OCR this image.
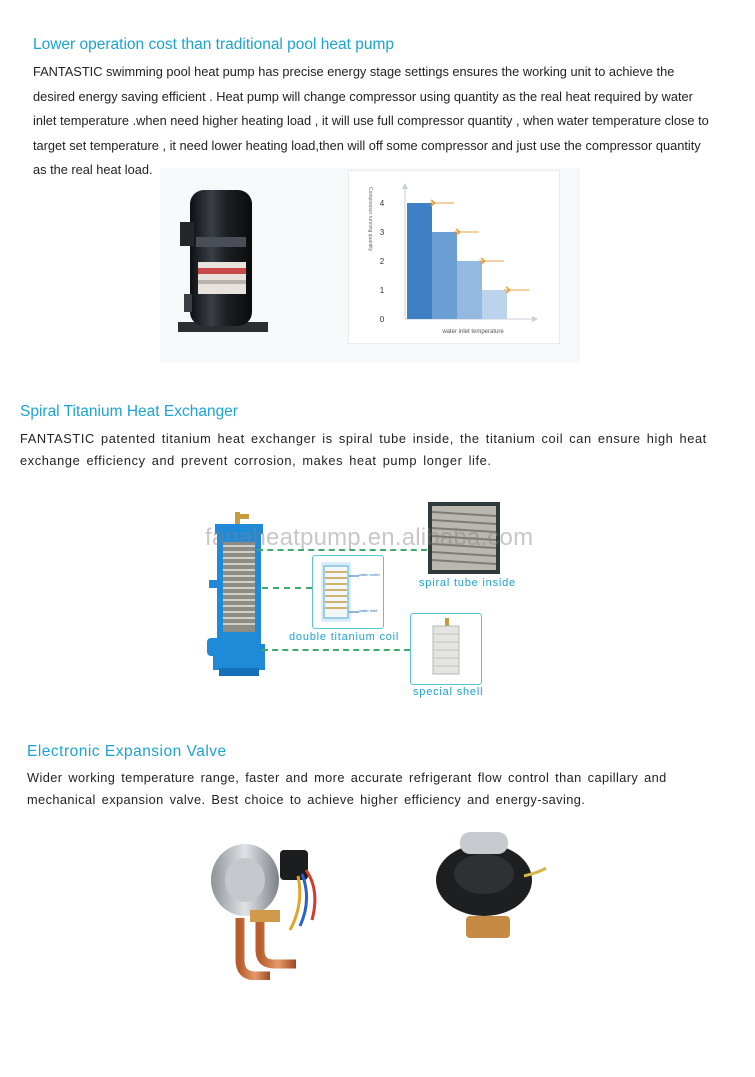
Lower operation cost than traditional pool heat pump
FANTASTIC swimming pool heat pump has precise energy stage settings ensures the working unit to achieve the
desired energy saving efficient . Heat pump will change compressor using quantity as the real heat required by water
inlet temperature .when need higher heating load , it will use full compressor quantity , when water temperature close to
target set temperature , it need lower heating load,then will off some compressor and just use the compressor quantity
as the real heat load.
0
1
2
3
4
Compressor running quantity
water inlet temperature
Spiral Titanium Heat Exchanger
FANTASTIC patented titanium heat exchanger is spiral tube inside, the titanium coil can ensure high heat
exchange efficiency and prevent corrosion, makes heat pump longer life.
spiral tube inside
water outlet
water inlet
double titanium coil
special shell
fanaheatpump.en.alibaba.com
Electronic Expansion Valve
Wider working temperature range, faster and more accurate refrigerant flow control than capillary and
mechanical expansion valve. Best choice to achieve higher efficiency and energy-saving.
